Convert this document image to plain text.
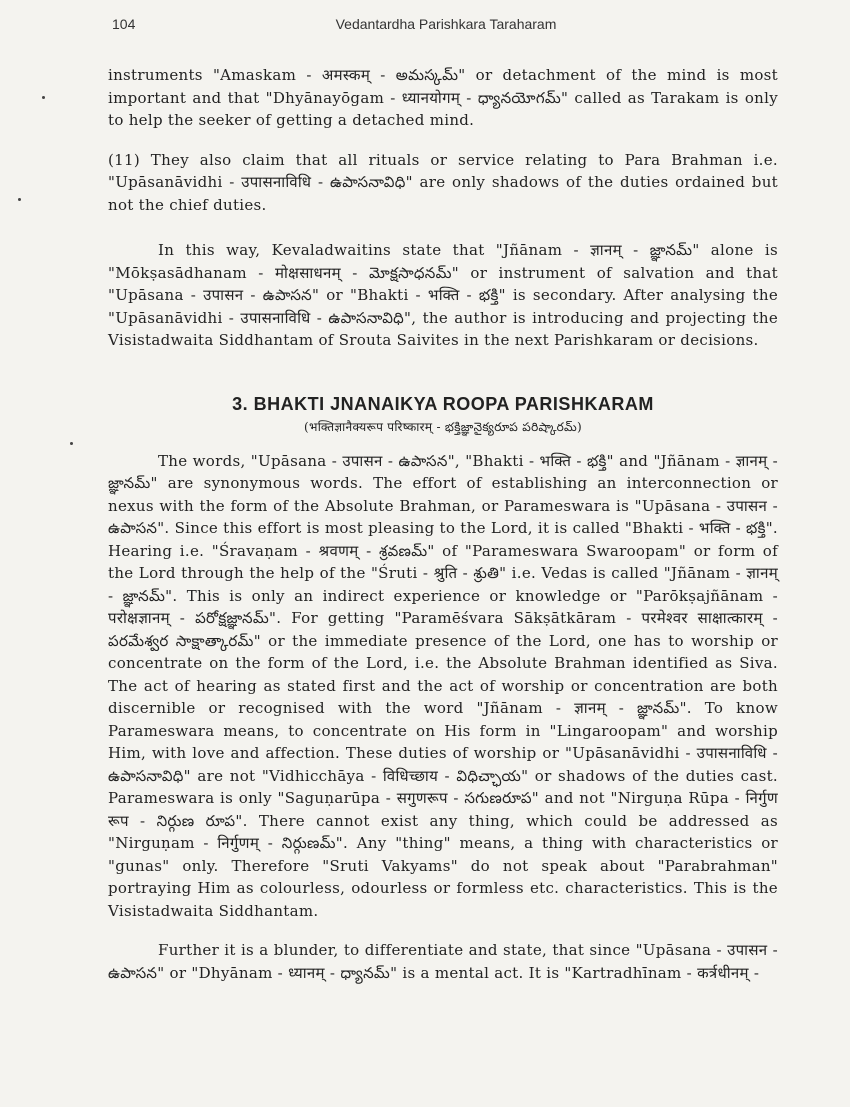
104	Vedantardha Parishkara Taraharam

instruments "Amaskam - अमस्कम् - అమస్కమ్" or detachment of the mind is most important and that "Dhyānayōgam - ध्यानयोगम् - ధ్యానయోగమ్" called as Tarakam is only to help the seeker of getting a detached mind.

(11) They also claim that all rituals or service relating to Para Brahman i.e. "Upāsanāvidhi - उपासनाविधि - ఉపాసనావిధి" are only shadows of the duties ordained but not the chief duties.

In this way, Kevaladwaitins state that "Jñānam - ज्ञानम् - జ్ఞానమ్" alone is "Mōkṣasādhanam - मोक्षसाधनम् - మోక్షసాధనమ్" or instrument of salvation and that "Upāsana - उपासन - ఉపాసన" or "Bhakti - भक्ति - భక్తి" is secondary. After analysing the "Upāsanāvidhi - उपासनाविधि - ఉపాసనావిధి", the author is introducing and projecting the Visistadwaita Siddhantam of Srouta Saivites in the next Parishkaram or decisions.

3. BHAKTI JNANAIKYA ROOPA PARISHKARAM
(भक्तिज्ञानैक्यरूप परिष्कारम् - భక్తిజ్ఞానైక్యరూప పరిష్కారమ్)

The words, "Upāsana - उपासन - ఉపాసన", "Bhakti - भक्ति - భక్తి" and "Jñānam - ज्ञानम् - జ్ఞానమ్" are synonymous words. The effort of establishing an interconnection or nexus with the form of the Absolute Brahman, or Parameswara is "Upāsana - उपासन - ఉపాసన". Since this effort is most pleasing to the Lord, it is called "Bhakti - भक्ति - భక్తి". Hearing i.e. "Śravaṇam - श्रवणम् - శ్రవణమ్" of "Parameswara Swaroopam" or form of the Lord through the help of the "Śruti - श्रुति - శ్రుతి" i.e. Vedas is called "Jñānam - ज्ञानम् - జ్ఞానమ్". This is only an indirect experience or knowledge or "Parōkṣajñānam - परोक्षज्ञानम् - పరోక్షజ్ఞానమ్". For getting "Paramēśvara Sākṣātkāram - परमेश्वर साक्षात्कारम् - పరమేశ్వర సాక్షాత్కారమ్" or the immediate presence of the Lord, one has to worship or concentrate on the form of the Lord, i.e. the Absolute Brahman identified as Siva. The act of hearing as stated first and the act of worship or concentration are both discernible or recognised with the word "Jñānam - ज्ञानम् - జ్ఞానమ్". To know Parameswara means, to concentrate on His form in "Lingaroopam" and worship Him, with love and affection. These duties of worship or "Upāsanāvidhi - उपासनाविधि - ఉపాసనావిధి" are not "Vidhicchāya - विधिच्छाय - విధిచ్ఛాయ" or shadows of the duties cast. Parameswara is only "Saguṇarūpa - सगुणरूप - సగుణరూప" and not "Nirguṇa Rūpa - निर्गुण रूप - నిర్గుణ రూప". There cannot exist any thing, which could be addressed as "Nirguṇam - निर्गुणम् - నిర్గుణమ్". Any "thing" means, a thing with characteristics or "gunas" only. Therefore "Sruti Vakyams" do not speak about "Parabrahman" portraying Him as colourless, odourless or formless etc. characteristics. This is the Visistadwaita Siddhantam.

Further it is a blunder, to differentiate and state, that since "Upāsana - उपासन - ఉపాసన" or "Dhyānam - ध्यानम् - ధ్యానమ్" is a mental act. It is "Kartradhīnam - कर्त्रधीनम् -
